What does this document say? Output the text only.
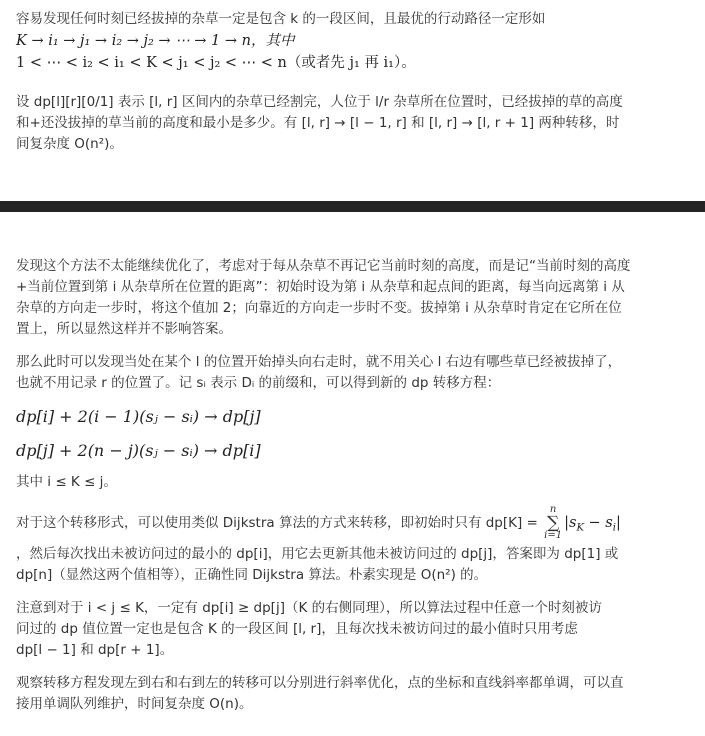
容易发现任何时刻已经拔掉的杂草一定是包含 k 的一段区间，且最优的行动路径一定形如

K → i₁ → j₁ → i₂ → j₂ → ⋯ → 1 → n，其中

1 < ⋯ < i₂ < i₁ < K < j₁ < j₂ < ⋯ < n（或者先 j₁ 再 i₁）。

设 dp[l][r][0/1] 表示 [l, r] 区间内的杂草已经割完，人位于 l/r 杂草所在位置时，已经拔掉的草的高度

和+还没拔掉的草当前的高度和最小是多少。有 [l, r] → [l − 1, r] 和 [l, r] → [l, r + 1] 两种转移，时

间复杂度 O(n²)。

发现这个方法不太能继续优化了，考虑对于每从杂草不再记它当前时刻的高度，而是记“当前时刻的高度

+当前位置到第 i 从杂草所在位置的距离”：初始时设为第 i 从杂草和起点间的距离，每当向远离第 i 从

杂草的方向走一步时，将这个值加 2；向靠近的方向走一步时不变。拔掉第 i 从杂草时肯定在它所在位

置上，所以显然这样并不影响答案。

那么此时可以发现当处在某个 l 的位置开始掉头向右走时，就不用关心 l 右边有哪些草已经被拔掉了，

也就不用记录 r 的位置了。记 sᵢ 表示 Dᵢ 的前缀和，可以得到新的 dp 转移方程：

dp[i] + 2(i − 1)(sⱼ − sᵢ) → dp[j]
dp[j] + 2(n − j)(sⱼ − sᵢ) → dp[i]

其中 i ≤ K ≤ j。

对于这个转移形式，可以使用类似 Dijkstra 算法的方式来转移，即初始时只有 dp[K] =
n
∑
i=1
$|s_K - s_i|$

，然后每次找出未被访问过的最小的 dp[i]，用它去更新其他未被访问过的 dp[j]，答案即为 dp[1] 或

dp[n]（显然这两个值相等），正确性同 Dijkstra 算法。朴素实现是 O(n²) 的。

注意到对于 i < j ≤ K，一定有 dp[i] ≥ dp[j]（K 的右侧同理），所以算法过程中任意一个时刻被访

问过的 dp 值位置一定也是包含 K 的一段区间 [l, r]，且每次找未被访问过的最小值时只用考虑

dp[l − 1] 和 dp[r + 1]。

观察转移方程发现左到右和右到左的转移可以分别进行斜率优化，点的坐标和直线斜率都单调，可以直

接用单调队列维护，时间复杂度 O(n)。
